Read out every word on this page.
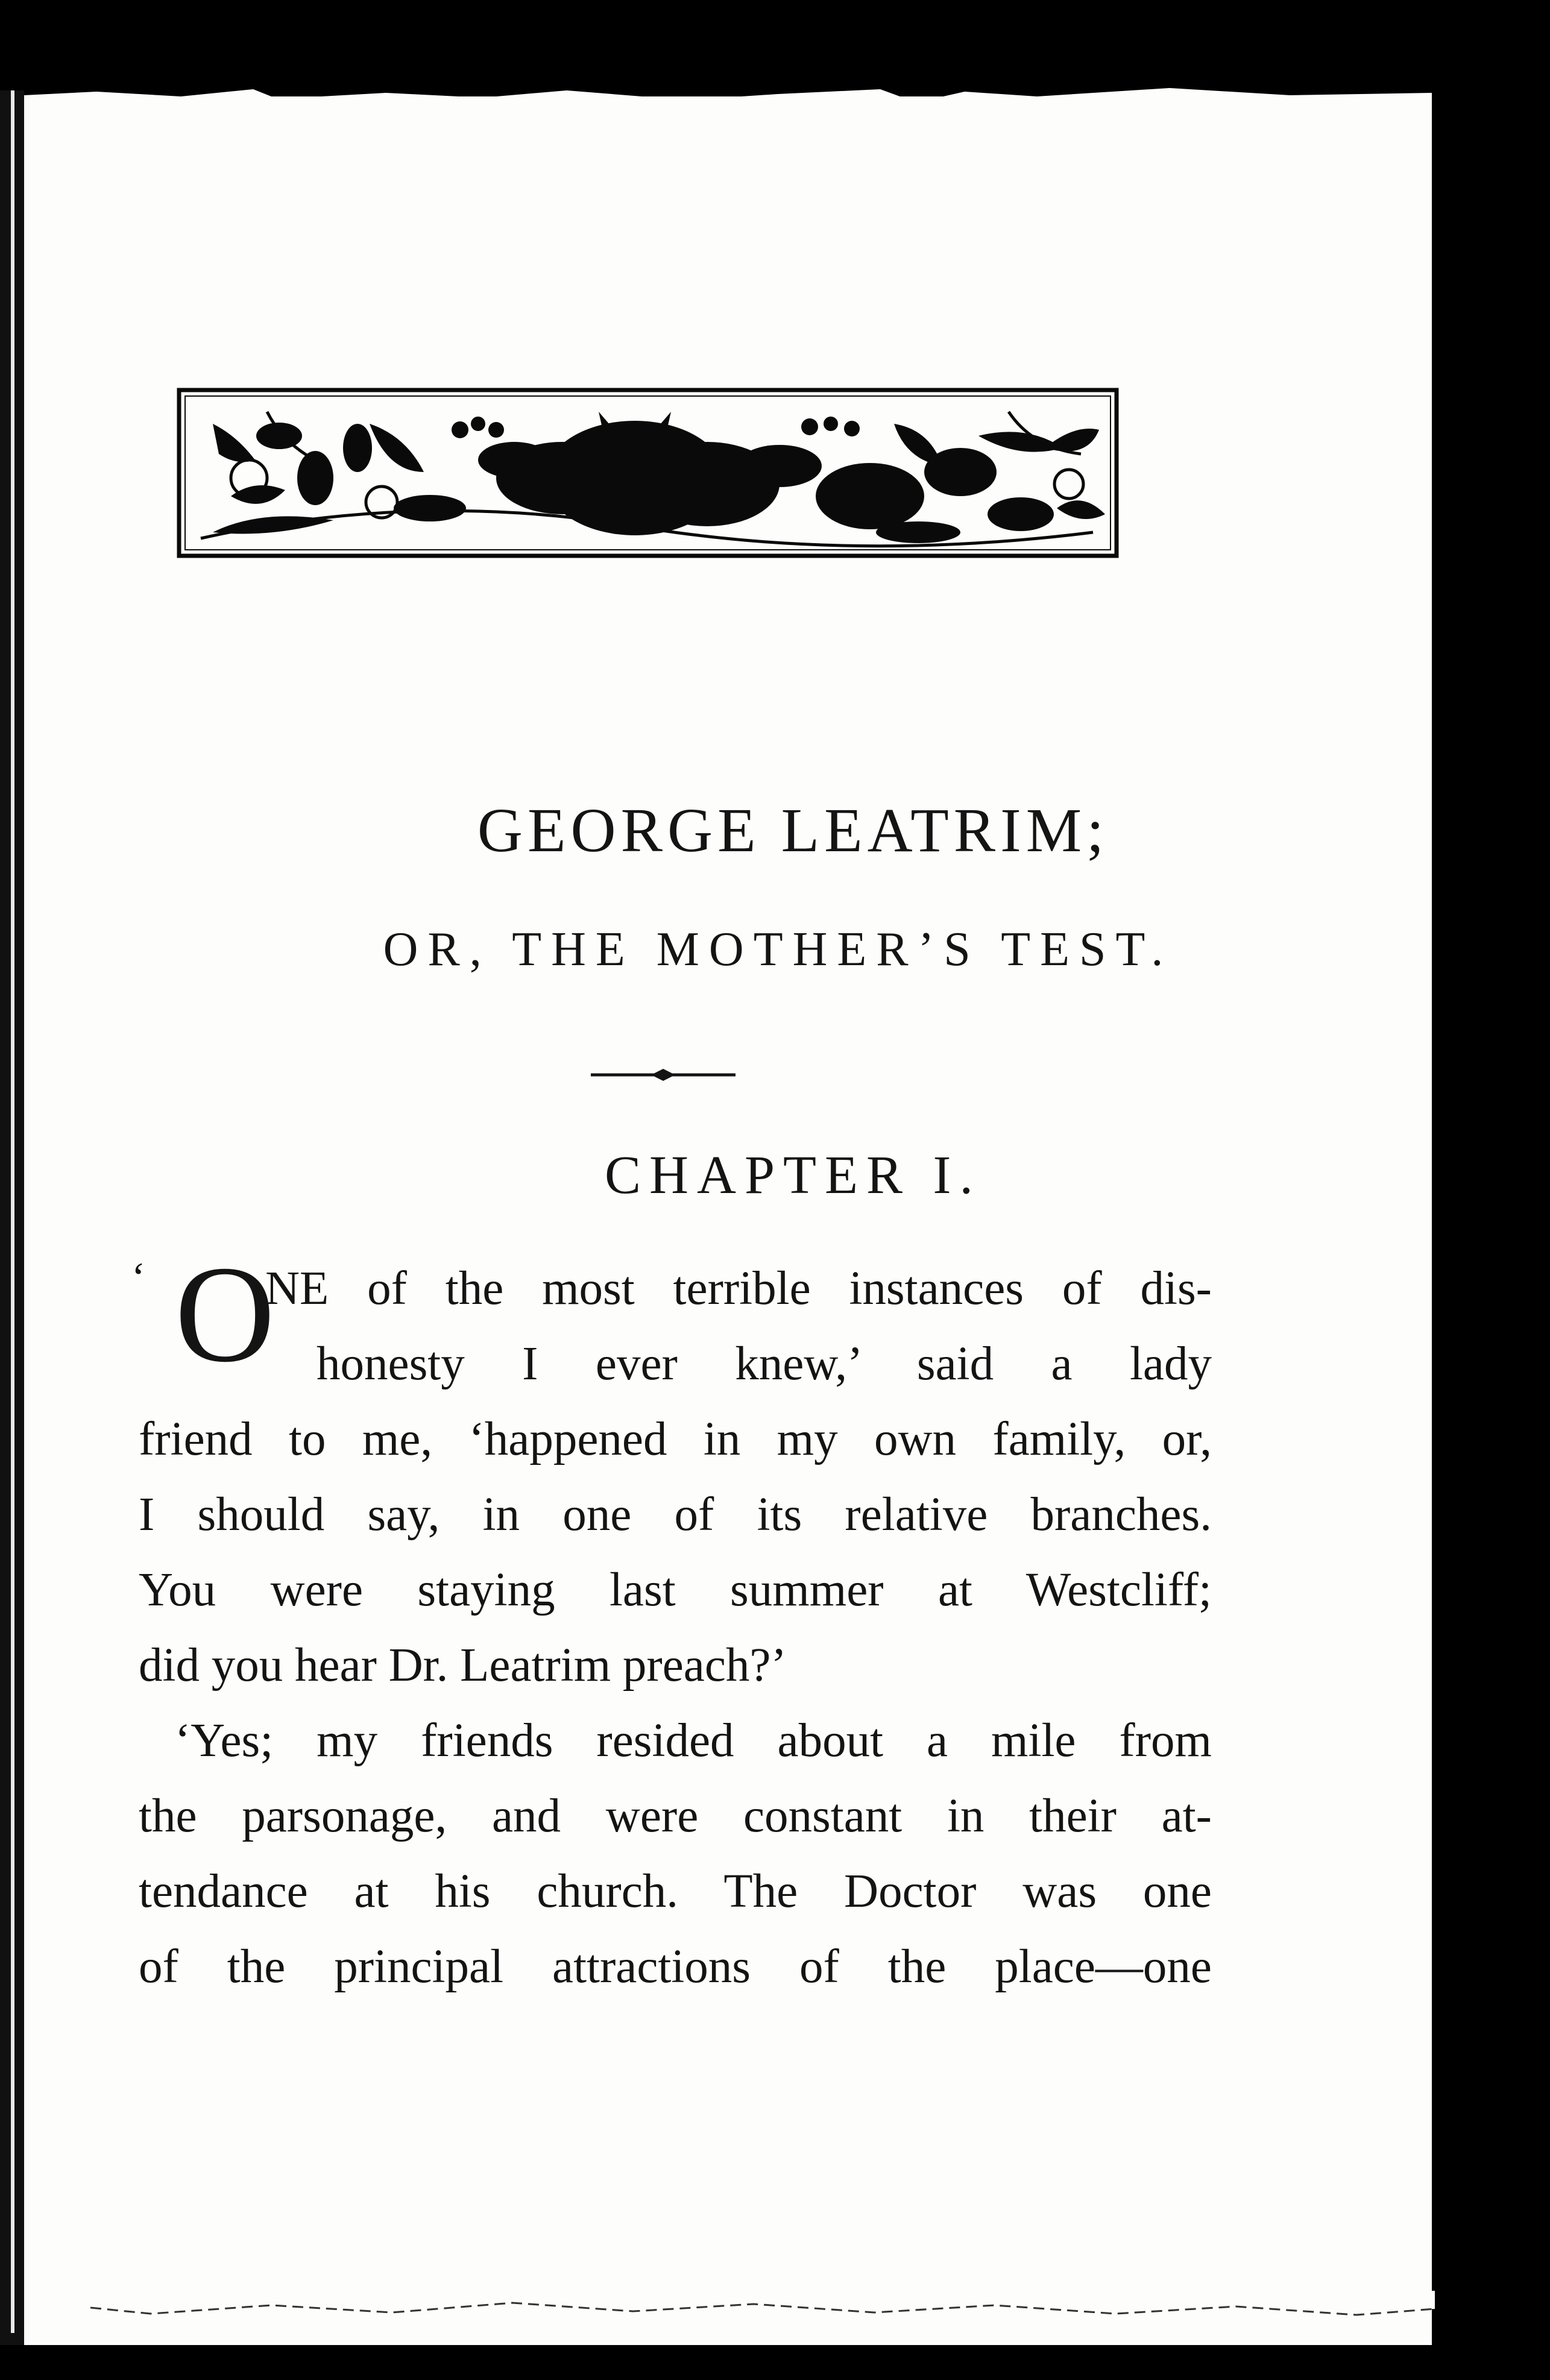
GEORGE LEATRIM;
OR, THE MOTHER’S TEST.
CHAPTER I.
‘ O
NE of the most terrible instances of dis-
honesty I ever knew,’ said a lady
friend to me, ‘happened in my own family, or,
I should say, in one of its relative branches.
You were staying last summer at Westcliff;
did you hear Dr. Leatrim preach?’
‘Yes; my friends resided about a mile from
the parsonage, and were constant in their at-
tendance at his church. The Doctor was one
of the principal attractions of the place—one
